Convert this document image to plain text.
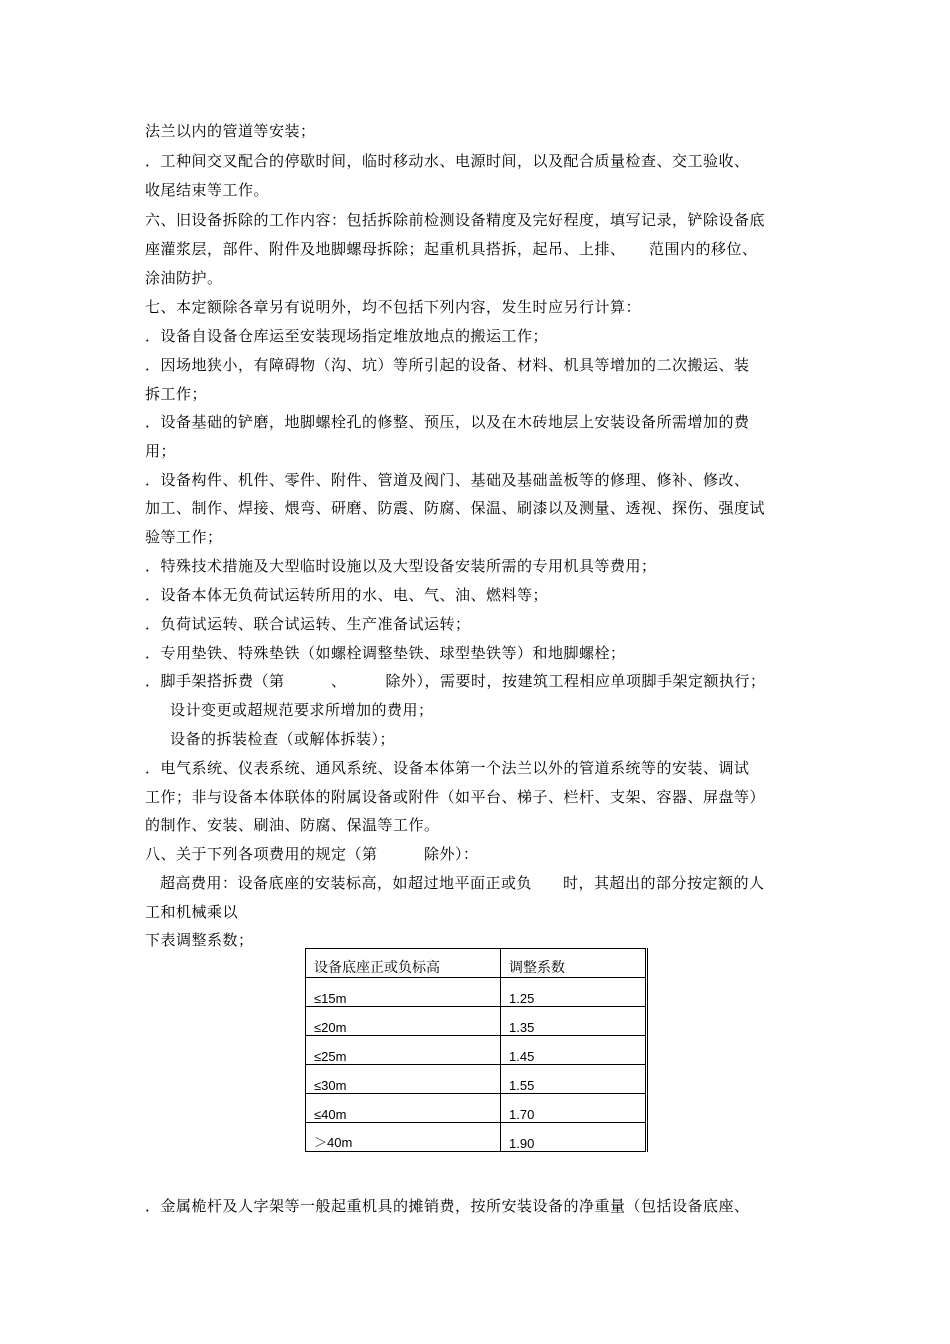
法兰以内的管道等安装；
．工种间交叉配合的停歇时间，临时移动水、电源时间，以及配合质量检查、交工验收、
收尾结束等工作。
六、旧设备拆除的工作内容：包括拆除前检测设备精度及完好程度，填写记录，铲除设备底
座灌浆层，部件、附件及地脚螺母拆除；起重机具搭拆，起吊、上排、　　范围内的移位、
涂油防护。
七、本定额除各章另有说明外，均不包括下列内容，发生时应另行计算：
．设备自设备仓库运至安装现场指定堆放地点的搬运工作；
．因场地狭小，有障碍物（沟、坑）等所引起的设备、材料、机具等增加的二次搬运、装
拆工作；
．设备基础的铲磨，地脚螺栓孔的修整、预压，以及在木砖地层上安装设备所需增加的费
用；
．设备构件、机件、零件、附件、管道及阀门、基础及基础盖板等的修理、修补、修改、
加工、制作、焊接、煨弯、研磨、防震、防腐、保温、刷漆以及测量、透视、探伤、强度试
验等工作；
．特殊技术措施及大型临时设施以及大型设备安装所需的专用机具等费用；
．设备本体无负荷试运转所用的水、电、气、油、燃料等；
．负荷试运转、联合试运转、生产准备试运转；
．专用垫铁、特殊垫铁（如螺栓调整垫铁、球型垫铁等）和地脚螺栓；
．脚手架搭拆费（第　　　、　　　除外），需要时，按建筑工程相应单项脚手架定额执行；
设计变更或超规范要求所增加的费用；
设备的拆装检查（或解体拆装）；
．电气系统、仪表系统、通风系统、设备本体第一个法兰以外的管道系统等的安装、调试
工作；非与设备本体联体的附属设备或附件（如平台、梯子、栏杆、支架、容器、屏盘等）
的制作、安装、刷油、防腐、保温等工作。
八、关于下列各项费用的规定（第　　　除外）：
超高费用：设备底座的安装标高，如超过地平面正或负　　时，其超出的部分按定额的人
工和机械乘以
下表调整系数；
设备底座正或负标高	调整系数
≤15m	1.25
≤20m	1.35
≤25m	1.45
≤30m	1.55
≤40m	1.70
＞40m	1.90
．金属桅杆及人字架等一般起重机具的摊销费，按所安装设备的净重量（包括设备底座、
